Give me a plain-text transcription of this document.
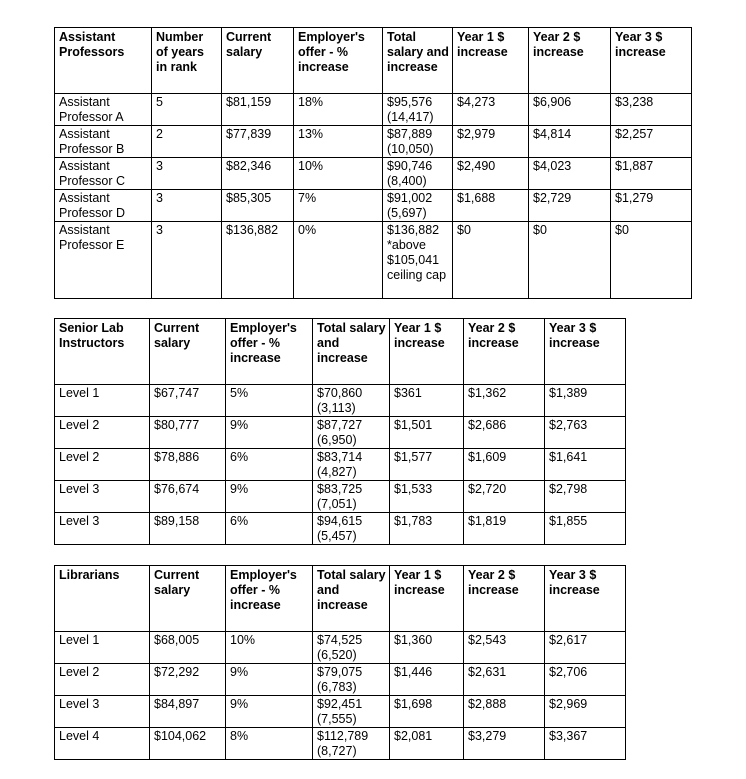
Assistant Professors	Number of years in rank	Current salary	Employer's offer - % increase	Total salary and increase	Year 1 $ increase	Year 2 $ increase	Year 3 $ increase
Assistant Professor A	5	$81,159	18%	$95,576 (14,417)	$4,273	$6,906	$3,238
Assistant Professor B	2	$77,839	13%	$87,889 (10,050)	$2,979	$4,814	$2,257
Assistant Professor C	3	$82,346	10%	$90,746 (8,400)	$2,490	$4,023	$1,887
Assistant Professor D	3	$85,305	7%	$91,002 (5,697)	$1,688	$2,729	$1,279
Assistant Professor E	3	$136,882	0%	$136,882 *above $105,041 ceiling cap	$0	$0	$0
Senior Lab Instructors	Current salary	Employer's offer - % increase	Total salary and increase	Year 1 $ increase	Year 2 $ increase	Year 3 $ increase
Level 1	$67,747	5%	$70,860 (3,113)	$361	$1,362	$1,389
Level 2	$80,777	9%	$87,727 (6,950)	$1,501	$2,686	$2,763
Level 2	$78,886	6%	$83,714 (4,827)	$1,577	$1,609	$1,641
Level 3	$76,674	9%	$83,725 (7,051)	$1,533	$2,720	$2,798
Level 3	$89,158	6%	$94,615 (5,457)	$1,783	$1,819	$1,855
Librarians	Current salary	Employer's offer - % increase	Total salary and increase	Year 1 $ increase	Year 2 $ increase	Year 3 $ increase
Level 1	$68,005	10%	$74,525 (6,520)	$1,360	$2,543	$2,617
Level 2	$72,292	9%	$79,075 (6,783)	$1,446	$2,631	$2,706
Level 3	$84,897	9%	$92,451 (7,555)	$1,698	$2,888	$2,969
Level 4	$104,062	8%	$112,789 (8,727)	$2,081	$3,279	$3,367
